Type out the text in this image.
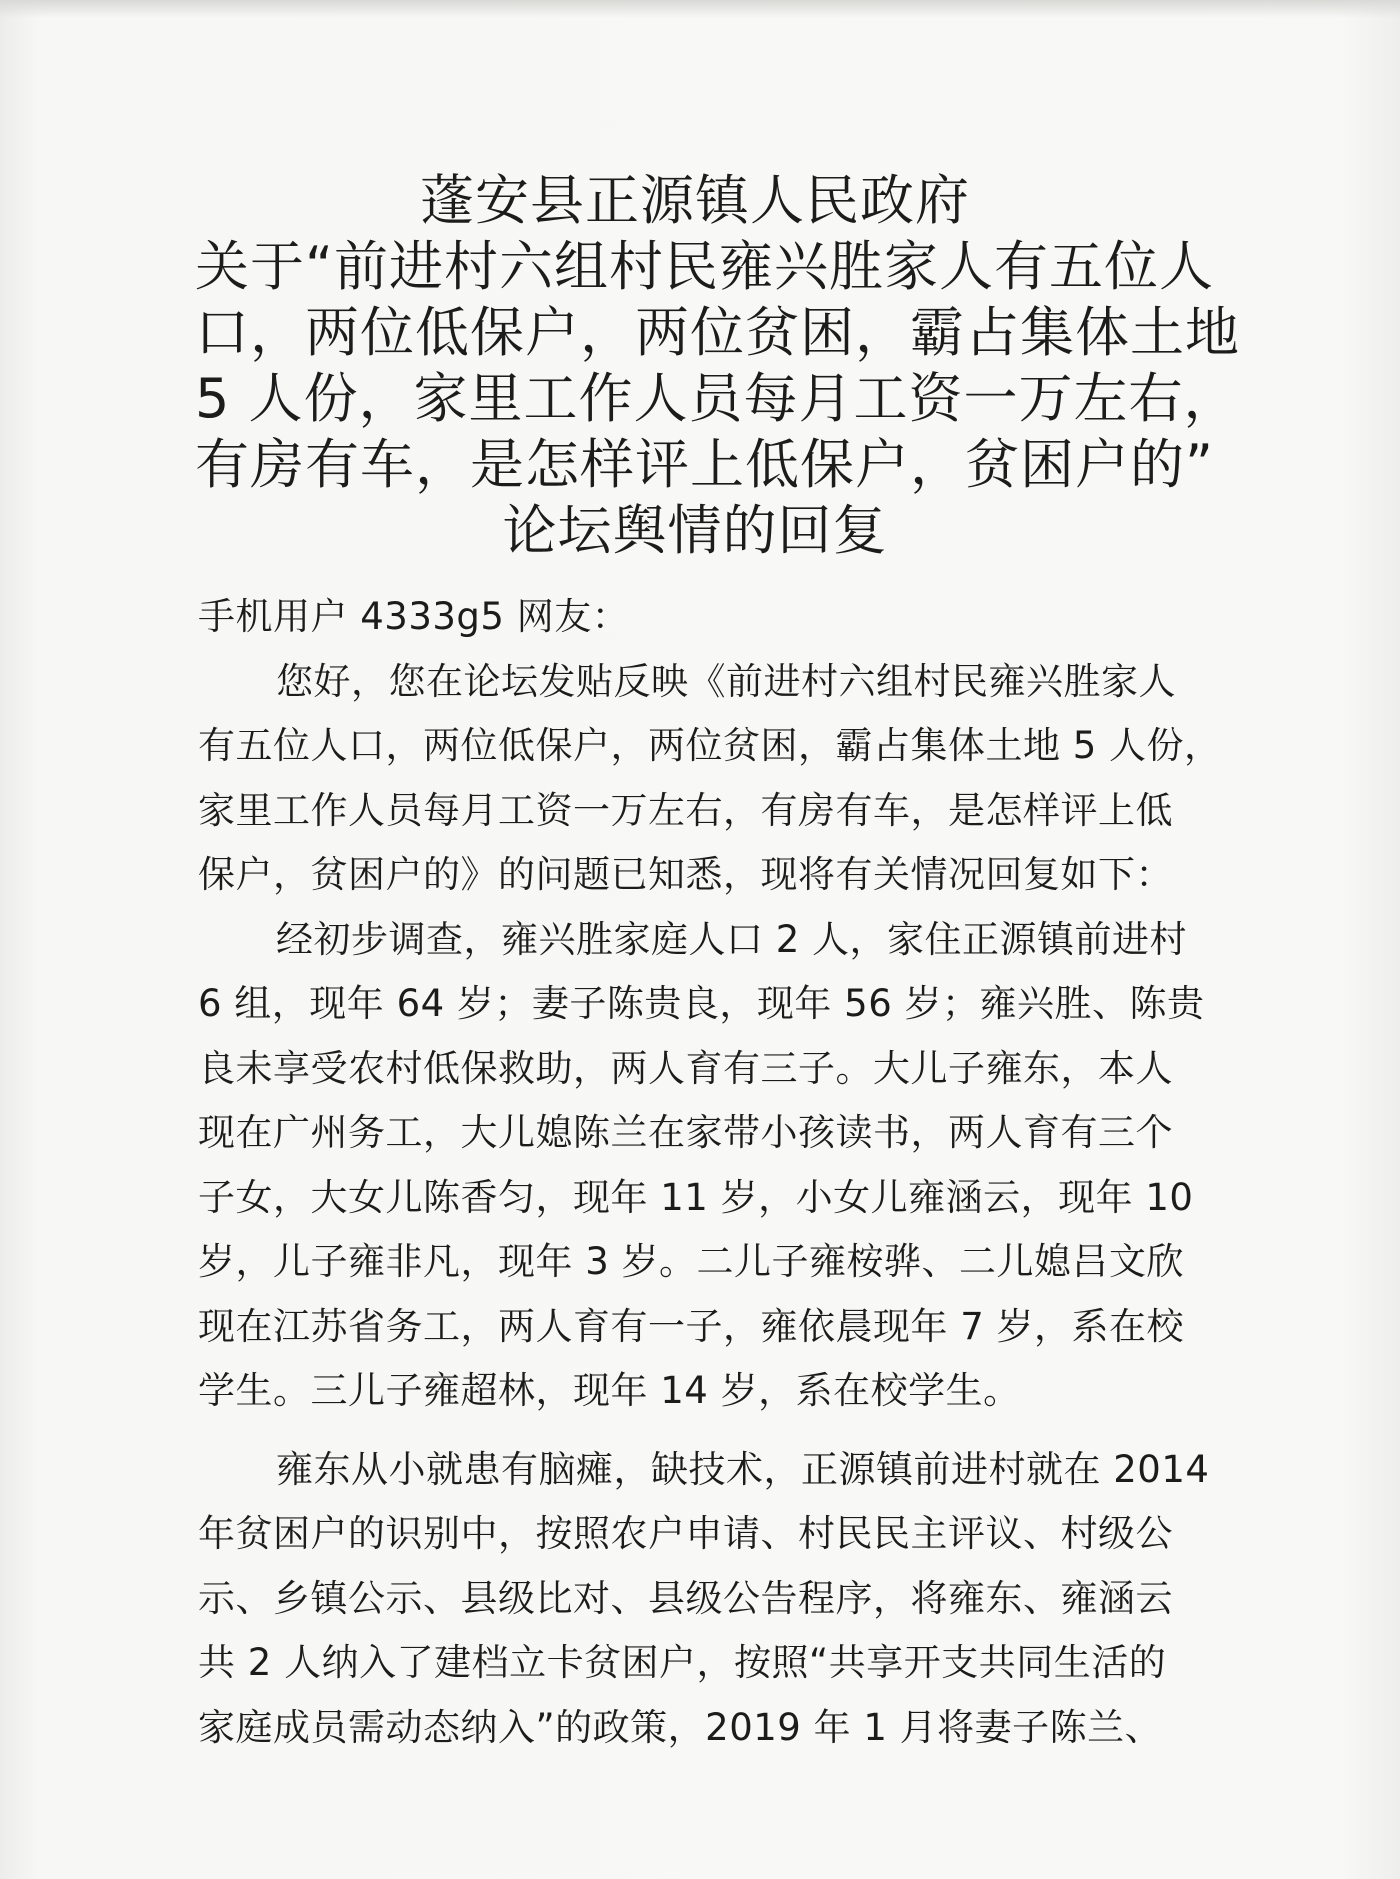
蓬安县正源镇人民政府
关于“前进村六组村民雍兴胜家人有五位人
口，两位低保户，两位贫困，霸占集体土地
5 人份，家里工作人员每月工资一万左右，
有房有车，是怎样评上低保户，贫困户的”
论坛舆情的回复
手机用户 4333g5 网友：
您好，您在论坛发贴反映《前进村六组村民雍兴胜家人
有五位人口，两位低保户，两位贫困，霸占集体土地 5 人份，
家里工作人员每月工资一万左右，有房有车，是怎样评上低
保户，贫困户的》的问题已知悉，现将有关情况回复如下：
经初步调查，雍兴胜家庭人口 2 人，家住正源镇前进村
6 组，现年 64 岁；妻子陈贵良，现年 56 岁；雍兴胜、陈贵
良未享受农村低保救助，两人育有三子。大儿子雍东，本人
现在广州务工，大儿媳陈兰在家带小孩读书，两人育有三个
子女，大女儿陈香匀，现年 11 岁，小女儿雍涵云，现年 10
岁，儿子雍非凡，现年 3 岁。二儿子雍桉骅、二儿媳吕文欣
现在江苏省务工，两人育有一子，雍依晨现年 7 岁，系在校
学生。三儿子雍超林，现年 14 岁，系在校学生。
雍东从小就患有脑瘫，缺技术，正源镇前进村就在 2014
年贫困户的识别中，按照农户申请、村民民主评议、村级公
示、乡镇公示、县级比对、县级公告程序，将雍东、雍涵云
共 2 人纳入了建档立卡贫困户，按照“共享开支共同生活的
家庭成员需动态纳入”的政策，2019 年 1 月将妻子陈兰、
